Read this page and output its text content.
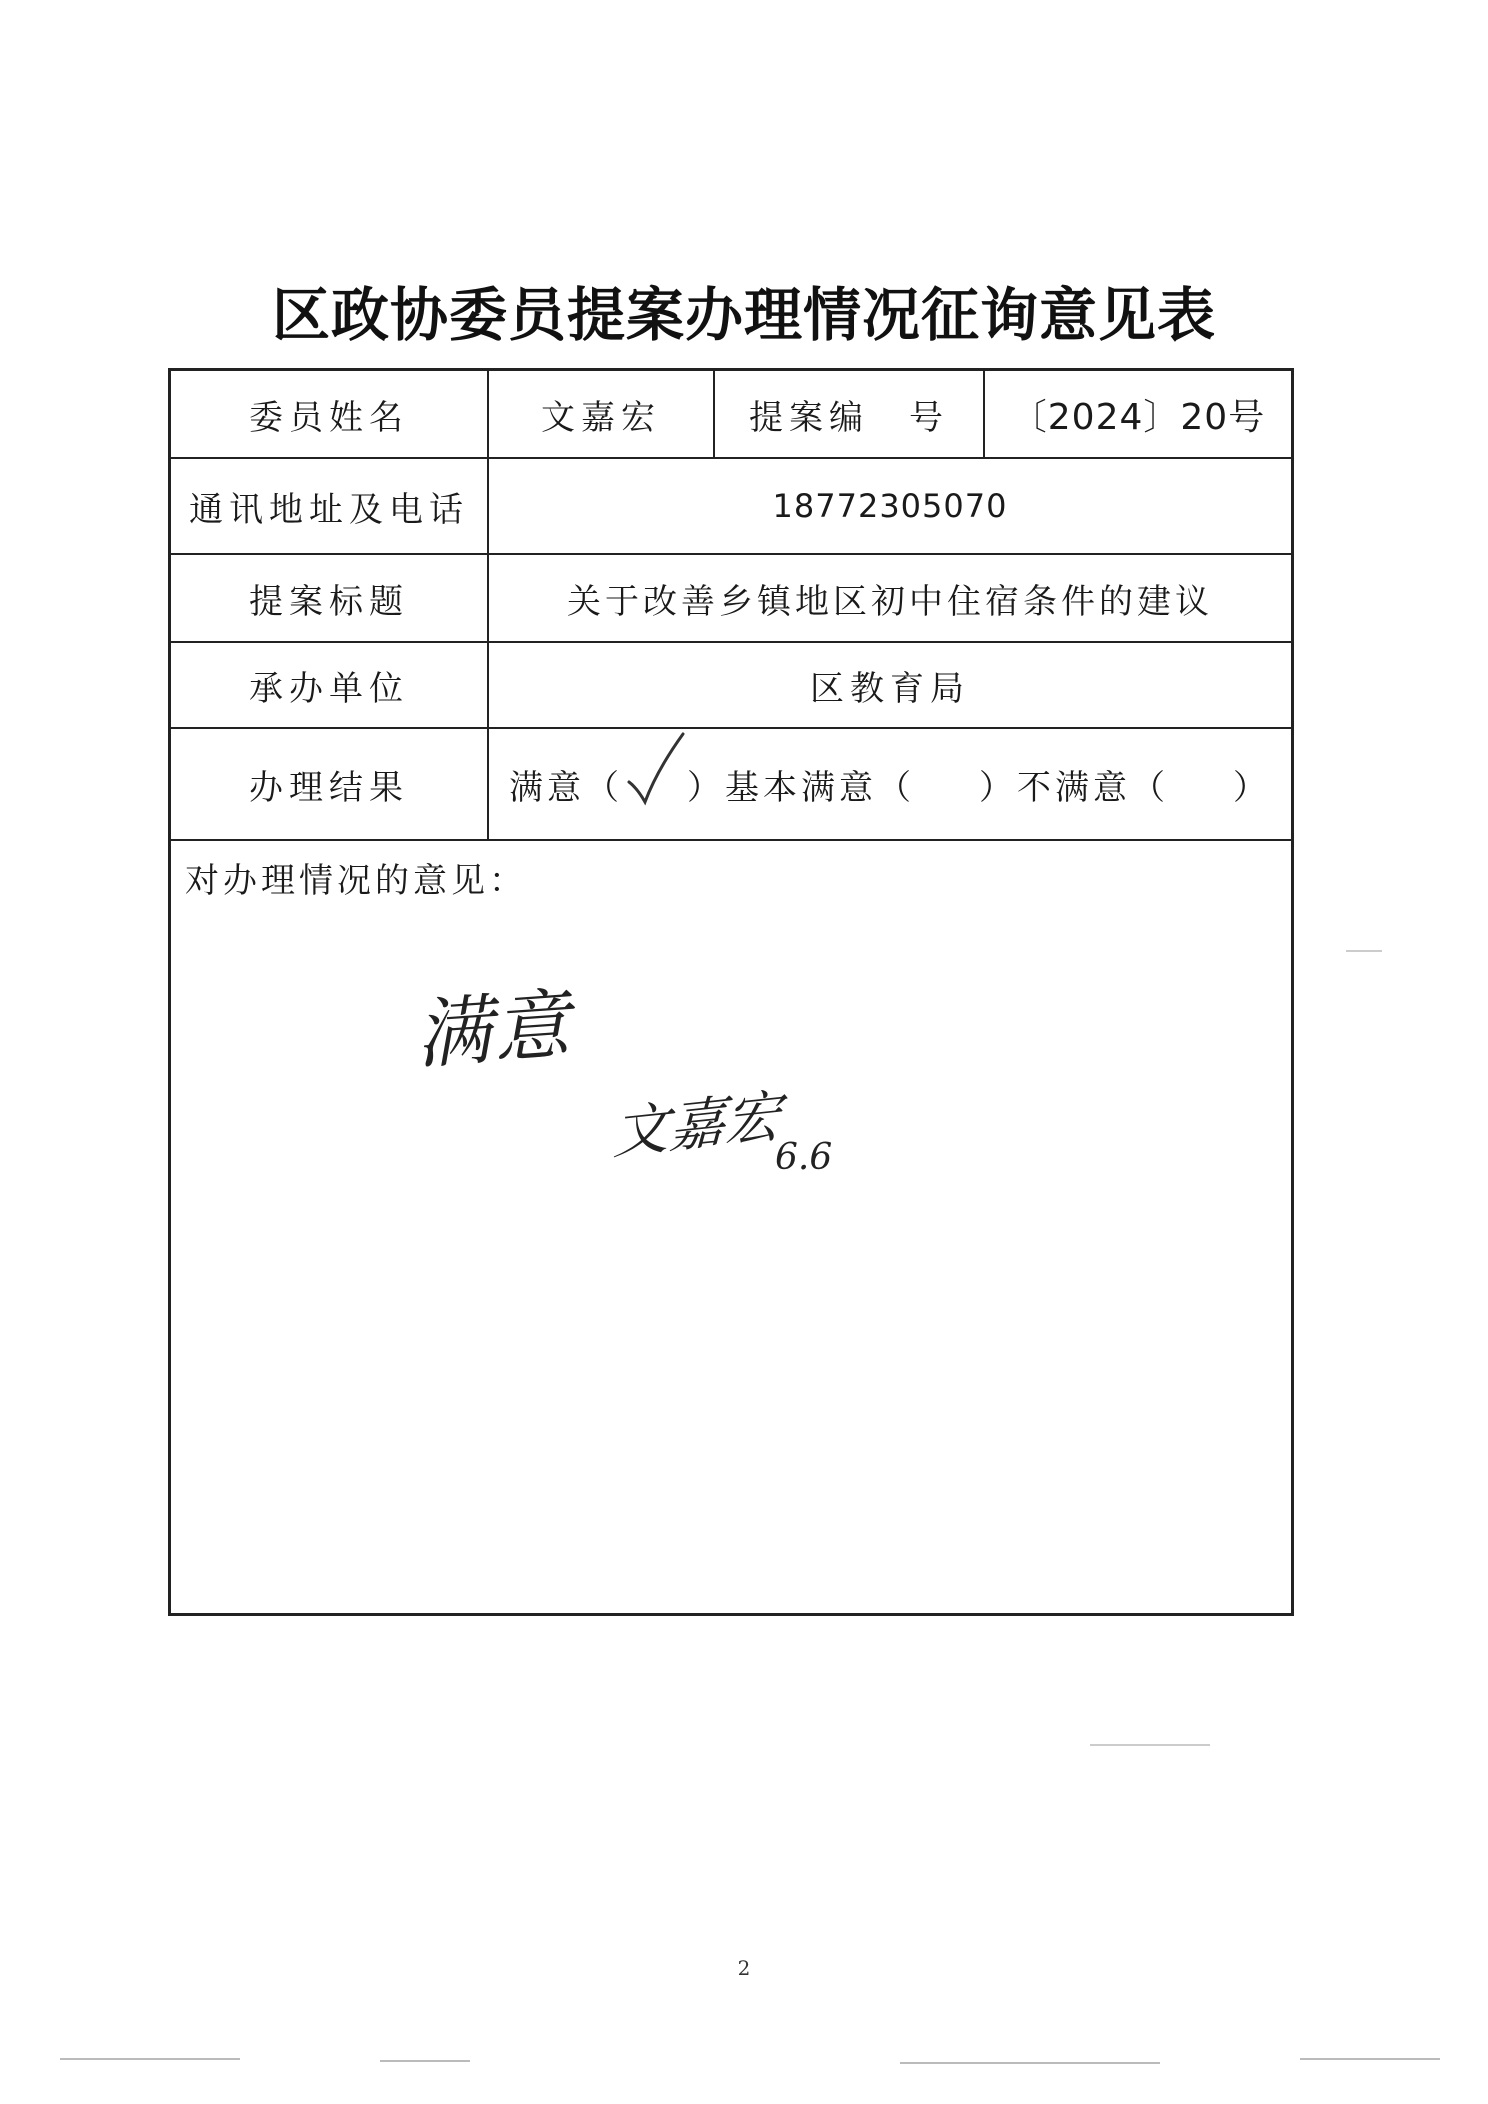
区政协委员提案办理情况征询意见表
委员姓名	文嘉宏	提案编　号	〔2024〕20号
通讯地址及电话	18772305070
提案标题	关于改善乡镇地区初中住宿条件的建议
承办单位	区教育局
办理结果	满意（ ）基本满意（ ）不满意（ ）
对办理情况的意见：
满意
文嘉宏
6.6
2
